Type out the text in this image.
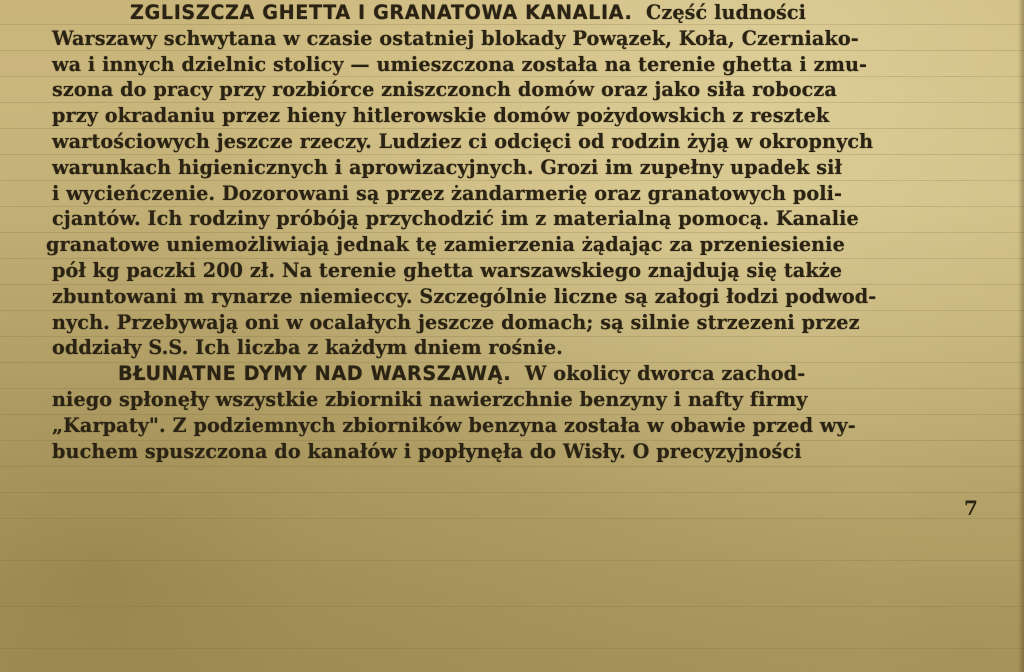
ZGLISZCZA GHETTA I GRANATOWA KANALIA. Część ludności
Warszawy schwytana w czasie ostatniej blokady Powązek, Koła, Czerniako-
wa i innych dzielnic stolicy — umieszczona została na terenie ghetta i zmu-
szona do pracy przy rozbiórce zniszczonch domów oraz jako siła robocza
przy okradaniu przez hieny hitlerowskie domów pożydowskich z resztek
wartościowych jeszcze rzeczy. Ludziez ci odcięci od rodzin żyją w okropnych
warunkach higienicznych i aprowizacyjnych. Grozi im zupełny upadek sił
i wycieńczenie. Dozorowani są przez żandarmerię oraz granatowych poli-
cjantów. Ich rodziny próbóją przychodzić im z materialną pomocą. Kanalie
granatowe uniemożliwiają jednak tę zamierzenia żądając za przeniesienie
pół kg paczki 200 zł. Na terenie ghetta warszawskiego znajdują się także
zbuntowani m rynarze niemieccy. Szczególnie liczne są załogi łodzi podwod-
nych. Przebywają oni w ocalałych jeszcze domach; są silnie strzezeni przez
oddziały S.S. Ich liczba z każdym dniem rośnie.
BŁUNATNE DYMY NAD WARSZAWĄ. W okolicy dworca zachod-
niego spłonęły wszystkie zbiorniki nawierzchnie benzyny i nafty firmy
„Karpaty". Z podziemnych zbiorników benzyna została w obawie przed wy-
buchem spuszczona do kanałów i popłynęła do Wisły. O precyzyjności
7
